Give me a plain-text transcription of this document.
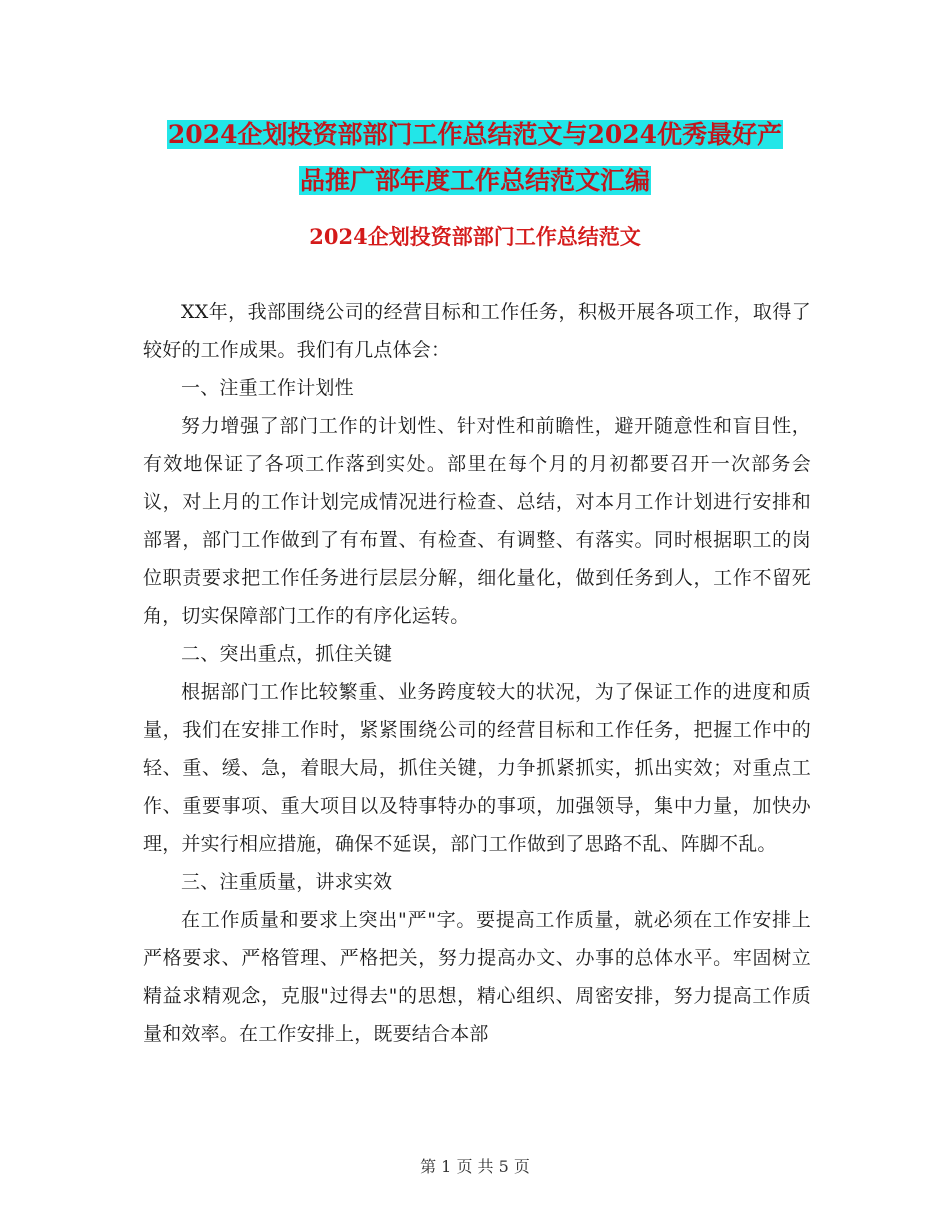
2024企划投资部部门工作总结范文与2024优秀最好产
品推广部年度工作总结范文汇编
2024企划投资部部门工作总结范文

XX年，我部围绕公司的经营目标和工作任务，积极开展各项工作，取得了较好的工作成果。我们有几点体会：

一、注重工作计划性

努力增强了部门工作的计划性、针对性和前瞻性，避开随意性和盲目性，有效地保证了各项工作落到实处。部里在每个月的月初都要召开一次部务会议，对上月的工作计划完成情况进行检查、总结，对本月工作计划进行安排和部署，部门工作做到了有布置、有检查、有调整、有落实。同时根据职工的岗位职责要求把工作任务进行层层分解，细化量化，做到任务到人，工作不留死角，切实保障部门工作的有序化运转。

二、突出重点，抓住关键

根据部门工作比较繁重、业务跨度较大的状况，为了保证工作的进度和质量，我们在安排工作时，紧紧围绕公司的经营目标和工作任务，把握工作中的轻、重、缓、急，着眼大局，抓住关键，力争抓紧抓实，抓出实效；对重点工作、重要事项、重大项目以及特事特办的事项，加强领导，集中力量，加快办理，并实行相应措施，确保不延误，部门工作做到了思路不乱、阵脚不乱。

三、注重质量，讲求实效

在工作质量和要求上突出"严"字。要提高工作质量，就必须在工作安排上严格要求、严格管理、严格把关，努力提高办文、办事的总体水平。牢固树立精益求精观念，克服"过得去"的思想，精心组织、周密安排，努力提高工作质量和效率。在工作安排上，既要结合本部

第 1 页 共 5 页
